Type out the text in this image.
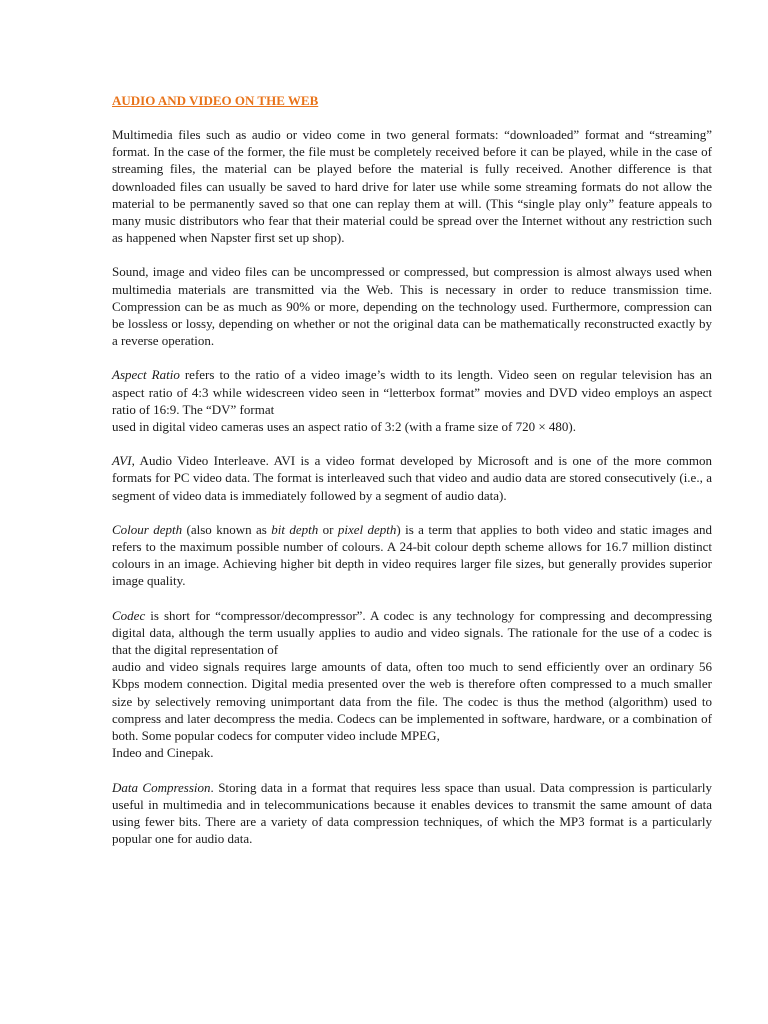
AUDIO AND VIDEO ON THE WEB

Multimedia files such as audio or video come in two general formats: “downloaded” format and “streaming” format. In the case of the former, the file must be completely received before it can be played, while in the case of streaming files, the material can be played before the material is fully received. Another difference is that downloaded files can usually be saved to hard drive for later use while some streaming formats do not allow the material to be permanently saved so that one can replay them at will. (This “single play only” feature appeals to many music distributors who fear that their material could be spread over the Internet without any restriction such as happened when Napster first set up shop).

Sound, image and video files can be uncompressed or compressed, but compression is almost always used when multimedia materials are transmitted via the Web. This is necessary in order to reduce transmission time. Compression can be as much as 90% or more, depending on the technology used. Furthermore, compression can be lossless or lossy, depending on whether or not the original data can be mathematically reconstructed exactly by a reverse operation.

Aspect Ratio refers to the ratio of a video image’s width to its length. Video seen on regular television has an aspect ratio of 4:3 while widescreen video seen in “letterbox format” movies and DVD video employs an aspect ratio of 16:9. The “DV” format
used in digital video cameras uses an aspect ratio of 3:2 (with a frame size of 720 × 480).

AVI, Audio Video Interleave. AVI is a video format developed by Microsoft and is one of the more common formats for PC video data. The format is interleaved such that video and audio data are stored consecutively (i.e., a segment of video data is immediately followed by a segment of audio data).

Colour depth (also known as bit depth or pixel depth) is a term that applies to both video and static images and refers to the maximum possible number of colours. A 24-bit colour depth scheme allows for 16.7 million distinct colours in an image. Achieving higher bit depth in video requires larger file sizes, but generally provides superior image quality.

Codec is short for “compressor/decompressor”. A codec is any technology for compressing and decompressing digital data, although the term usually applies to audio and video signals. The rationale for the use of a codec is that the digital representation of
audio and video signals requires large amounts of data, often too much to send efficiently over an ordinary 56 Kbps modem connection. Digital media presented over the web is therefore often compressed to a much smaller size by selectively removing unimportant data from the file. The codec is thus the method (algorithm) used to compress and later decompress the media. Codecs can be implemented in software, hardware, or a combination of both. Some popular codecs for computer video include MPEG,
Indeo and Cinepak.

Data Compression. Storing data in a format that requires less space than usual. Data compression is particularly useful in multimedia and in telecommunications because it enables devices to transmit the same amount of data using fewer bits. There are a variety of data compression techniques, of which the MP3 format is a particularly popular one for audio data.
